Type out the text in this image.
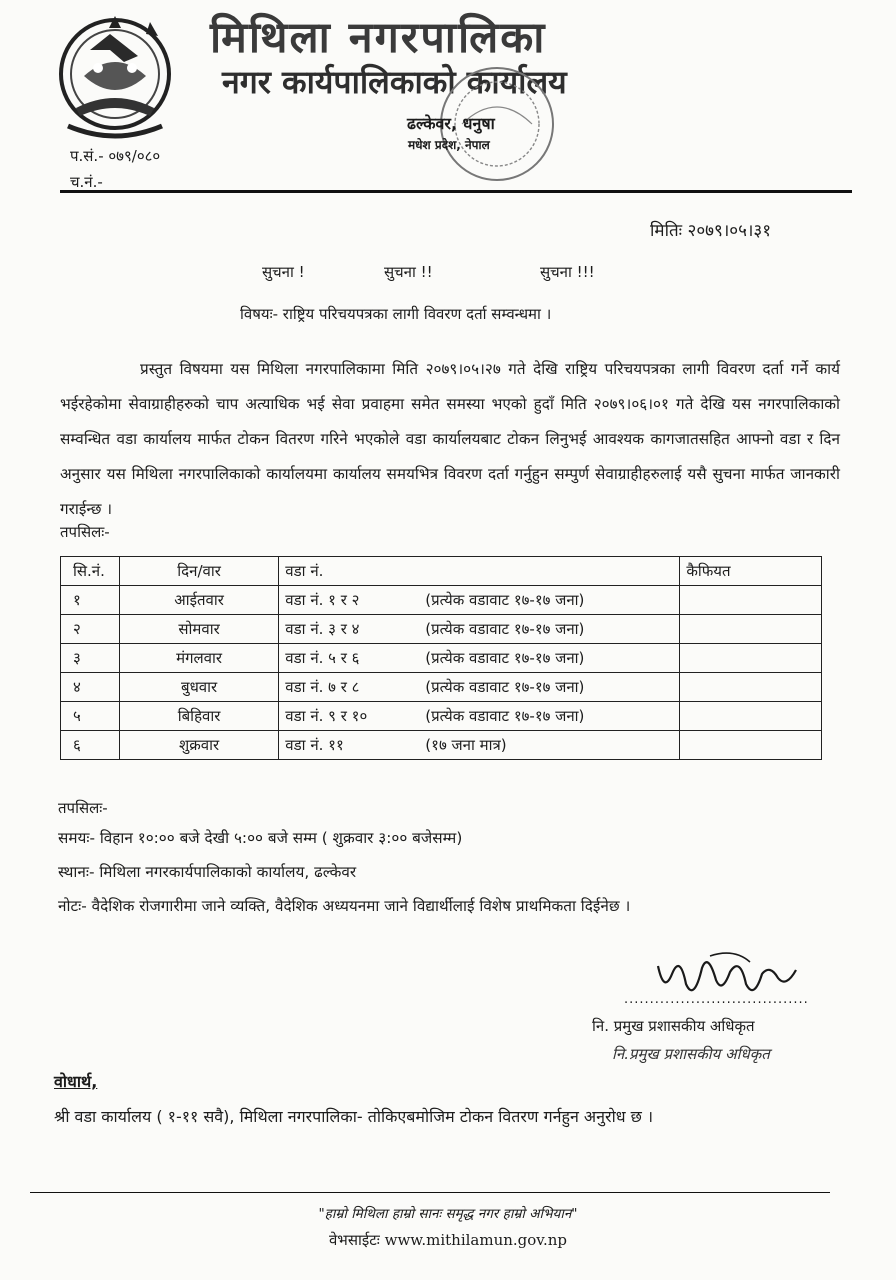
मिथिला नगरपालिका
नगर कार्यपालिकाको कार्यालय
ढल्केवर, धनुषा
मधेश प्रदेश, नेपाल
प.सं.- ०७९/०८०
च.नं.-
मितिः २०७९।०५।३१
सुचना !	सुचना !!	सुचना !!!
विषयः- राष्ट्रिय परिचयपत्रका लागी विवरण दर्ता सम्वन्धमा ।

प्रस्तुत विषयमा यस मिथिला नगरपालिकामा मिति २०७९।०५।२७ गते देखि राष्ट्रिय परिचयपत्रका लागी विवरण दर्ता गर्ने कार्य भईरहेकोमा सेवाग्राहीहरुको चाप अत्याधिक भई सेवा प्रवाहमा समेत समस्या भएको हुदाँ मिति २०७९।०६।०१ गते देखि यस नगरपालिकाको सम्वन्धित वडा कार्यालय मार्फत टोकन वितरण गरिने भएकोले वडा कार्यालयबाट टोकन लिनुभई आवश्यक कागजातसहित आफ्नो वडा र दिन अनुसार यस मिथिला नगरपालिकाको कार्यालयमा कार्यालय समयभित्र विवरण दर्ता गर्नुहुन सम्पुर्ण सेवाग्राहीहरुलाई यसै सुचना मार्फत जानकारी गराईन्छ ।

तपसिलः-
सि.नं.	दिन/वार	वडा नं.	कैफियत
१	आईतवार	वडा नं. १ र २ (प्रत्येक वडावाट १७-१७ जना)	
२	सोमवार	वडा नं. ३ र ४ (प्रत्येक वडावाट १७-१७ जना)	
३	मंगलवार	वडा नं. ५ र ६ (प्रत्येक वडावाट १७-१७ जना)	
४	बुधवार	वडा नं. ७ र ८ (प्रत्येक वडावाट १७-१७ जना)	
५	बिहिवार	वडा नं. ९ र १० (प्रत्येक वडावाट १७-१७ जना)	
६	शुक्रवार	वडा नं. ११ (१७ जना मात्र)	
तपसिलः-
समयः- विहान १०:०० बजे देखी ५:०० बजे सम्म ( शुक्रवार ३:०० बजेसम्म)
स्थानः- मिथिला नगरकार्यपालिकाको कार्यालय, ढल्केवर
नोटः- वैदेशिक रोजगारीमा जाने व्यक्ति, वैदेशिक अध्ययनमा जाने विद्यार्थीलाई विशेष प्राथमिकता दिईनेछ ।
....................................
नि. प्रमुख प्रशासकीय अधिकृत
नि.प्रमुख प्रशासकीय अधिकृत
वोधार्थ,
श्री वडा कार्यालय ( १-११ सवै), मिथिला नगरपालिका- तोकिएबमोजिम टोकन वितरण गर्नहुन अनुरोध छ ।
"हाम्रो मिथिला हाम्रो सानः समृद्ध नगर हाम्रो अभियान"
वेभसाईटः www.mithilamun.gov.np
